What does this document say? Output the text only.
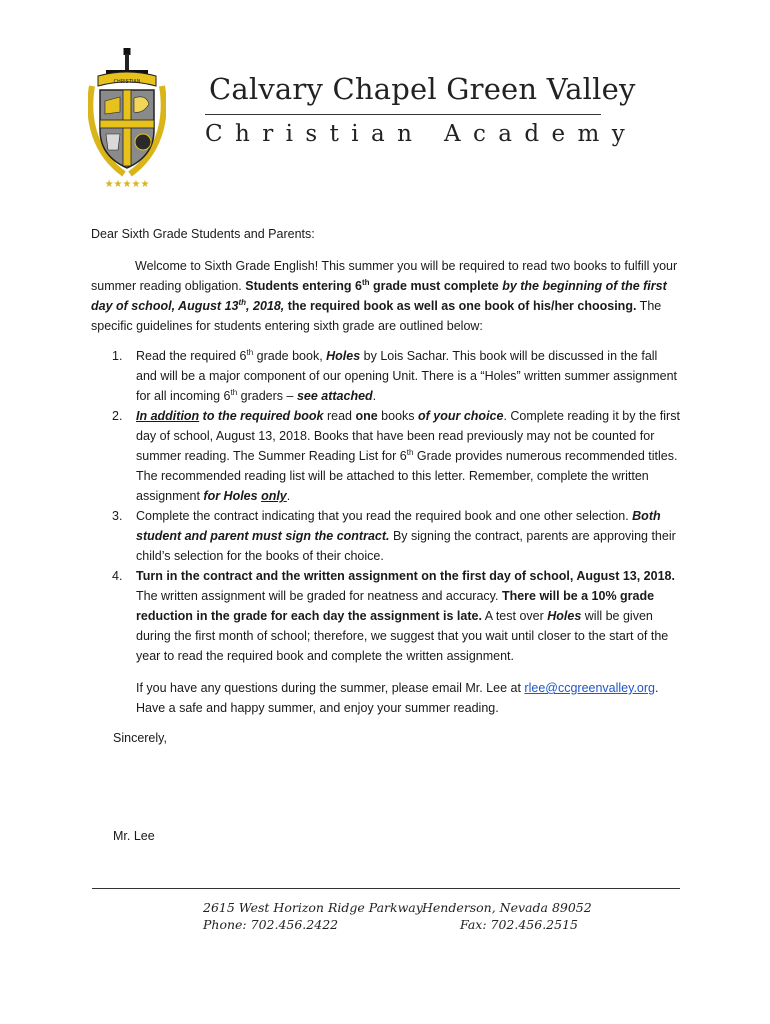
CHRISTIAN
★★★★★
Calvary Chapel Green Valley
Christian Academy

Dear Sixth Grade Students and Parents:

Welcome to Sixth Grade English! This summer you will be required to read two books to fulfill your summer reading obligation. Students entering 6th grade must complete by the beginning of the first day of school, August 13th, 2018, the required book as well as one book of his/her choosing. The specific guidelines for students entering sixth grade are outlined below:

1. Read the required 6th grade book, Holes by Lois Sachar. This book will be discussed in the fall and will be a major component of our opening Unit. There is a “Holes” written summer assignment for all incoming 6th graders – see attached.
2. In addition to the required book read one books of your choice. Complete reading it by the first day of school, August 13, 2018. Books that have been read previously may not be counted for summer reading. The Summer Reading List for 6th Grade provides numerous recommended titles. The recommended reading list will be attached to this letter. Remember, complete the written assignment for Holes only.
3. Complete the contract indicating that you read the required book and one other selection. Both student and parent must sign the contract. By signing the contract, parents are approving their child’s selection for the books of their choice.
4. Turn in the contract and the written assignment on the first day of school, August 13, 2018. The written assignment will be graded for neatness and accuracy. There will be a 10% grade reduction in the grade for each day the assignment is late. A test over Holes will be given during the first month of school; therefore, we suggest that you wait until closer to the start of the year to read the required book and complete the written assignment.

If you have any questions during the summer, please email Mr. Lee at rlee@ccgreenvalley.org. Have a safe and happy summer, and enjoy your summer reading.

Sincerely,

Mr. Lee

2615 West Horizon Ridge Parkway
Phone: 702.456.2422
Henderson, Nevada 89052
Fax: 702.456.2515
